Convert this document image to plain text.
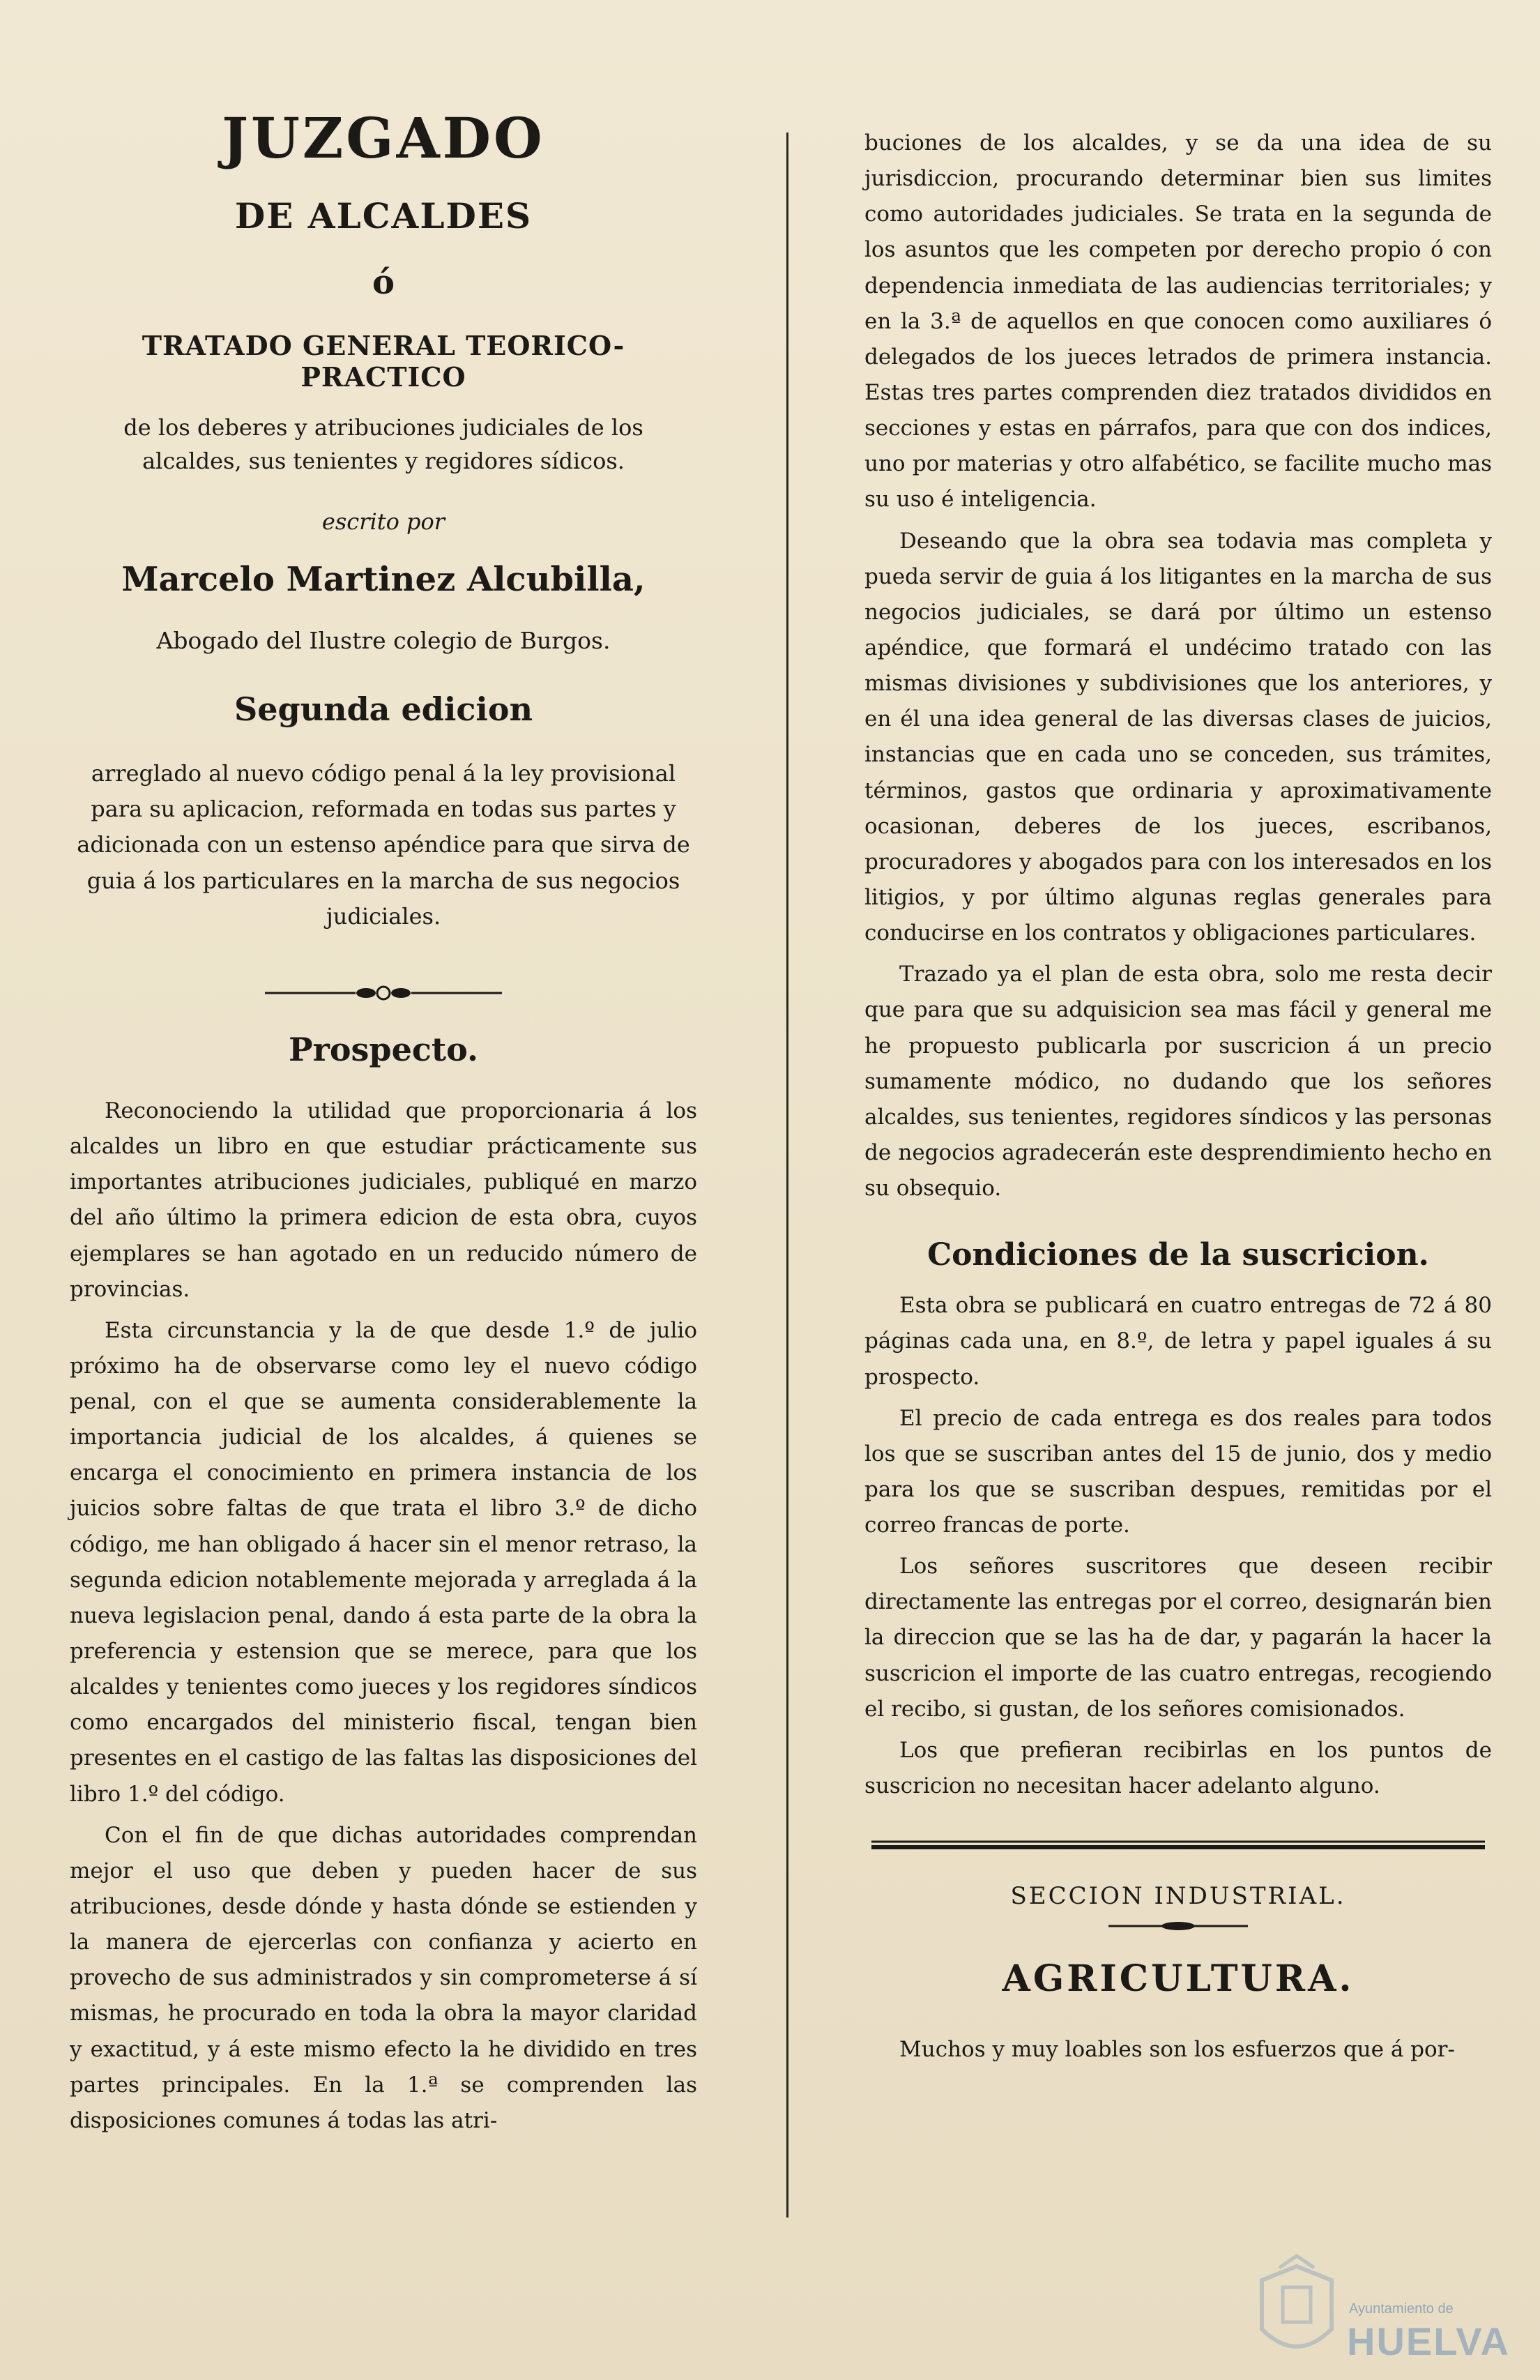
JUZGADO
DE ALCALDES
ó
TRATADO GENERAL TEORICO-PRACTICO
de los deberes y atribuciones judiciales de los alcaldes, sus tenientes y regidores sídicos.
escrito por
Marcelo Martinez Alcubilla,
Abogado del Ilustre colegio de Burgos.
Segunda edicion
arreglado al nuevo código penal á la ley provisional para su aplicacion, reformada en todas sus partes y adicionada con un estenso apéndice para que sirva de guia á los particulares en la marcha de sus negocios judiciales.
Prospecto.

Reconociendo la utilidad que proporcionaria á los alcaldes un libro en que estudiar prácticamente sus importantes atribuciones judiciales, publiqué en marzo del año último la primera edicion de esta obra, cuyos ejemplares se han agotado en un reducido número de provincias.

Esta circunstancia y la de que desde 1.º de julio próximo ha de observarse como ley el nuevo código penal, con el que se aumenta considerablemente la importancia judicial de los alcaldes, á quienes se encarga el conocimiento en primera instancia de los juicios sobre faltas de que trata el libro 3.º de dicho código, me han obligado á hacer sin el menor retraso, la segunda edicion notablemente mejorada y arreglada á la nueva legislacion penal, dando á esta parte de la obra la preferencia y estension que se merece, para que los alcaldes y tenientes como jueces y los regidores síndicos como encargados del ministerio fiscal, tengan bien presentes en el castigo de las faltas las disposiciones del libro 1.º del código.

Con el fin de que dichas autoridades comprendan mejor el uso que deben y pueden hacer de sus atribuciones, desde dónde y hasta dónde se estienden y la manera de ejercerlas con confianza y acierto en provecho de sus administrados y sin comprometerse á sí mismas, he procurado en toda la obra la mayor claridad y exactitud, y á este mismo efecto la he dividido en tres partes principales. En la 1.ª se comprenden las disposiciones comunes á todas las atri-

buciones de los alcaldes, y se da una idea de su jurisdiccion, procurando determinar bien sus limites como autoridades judiciales. Se trata en la segunda de los asuntos que les competen por derecho propio ó con dependencia inmediata de las audiencias territoriales; y en la 3.ª de aquellos en que conocen como auxiliares ó delegados de los jueces letrados de primera instancia. Estas tres partes comprenden diez tratados divididos en secciones y estas en párrafos, para que con dos indices, uno por materias y otro alfabético, se facilite mucho mas su uso é inteligencia.

Deseando que la obra sea todavia mas completa y pueda servir de guia á los litigantes en la marcha de sus negocios judiciales, se dará por último un estenso apéndice, que formará el undécimo tratado con las mismas divisiones y subdivisiones que los anteriores, y en él una idea general de las diversas clases de juicios, instancias que en cada uno se conceden, sus trámites, términos, gastos que ordinaria y aproximativamente ocasionan, deberes de los jueces, escribanos, procuradores y abogados para con los interesados en los litigios, y por último algunas reglas generales para conducirse en los contratos y obligaciones particulares.

Trazado ya el plan de esta obra, solo me resta decir que para que su adquisicion sea mas fácil y general me he propuesto publicarla por suscricion á un precio sumamente módico, no dudando que los señores alcaldes, sus tenientes, regidores síndicos y las personas de negocios agradecerán este desprendimiento hecho en su obsequio.

Condiciones de la suscricion.

Esta obra se publicará en cuatro entregas de 72 á 80 páginas cada una, en 8.º, de letra y papel iguales á su prospecto.

El precio de cada entrega es dos reales para todos los que se suscriban antes del 15 de junio, dos y medio para los que se suscriban despues, remitidas por el correo francas de porte.

Los señores suscritores que deseen recibir directamente las entregas por el correo, designarán bien la direccion que se las ha de dar, y pagarán la hacer la suscricion el importe de las cuatro entregas, recogiendo el recibo, si gustan, de los señores comisionados.

Los que prefieran recibirlas en los puntos de suscricion no necesitan hacer adelanto alguno.

SECCION INDUSTRIAL.
AGRICULTURA.

Muchos y muy loables son los esfuerzos que á por-

Ayuntamiento de
HUELVA
